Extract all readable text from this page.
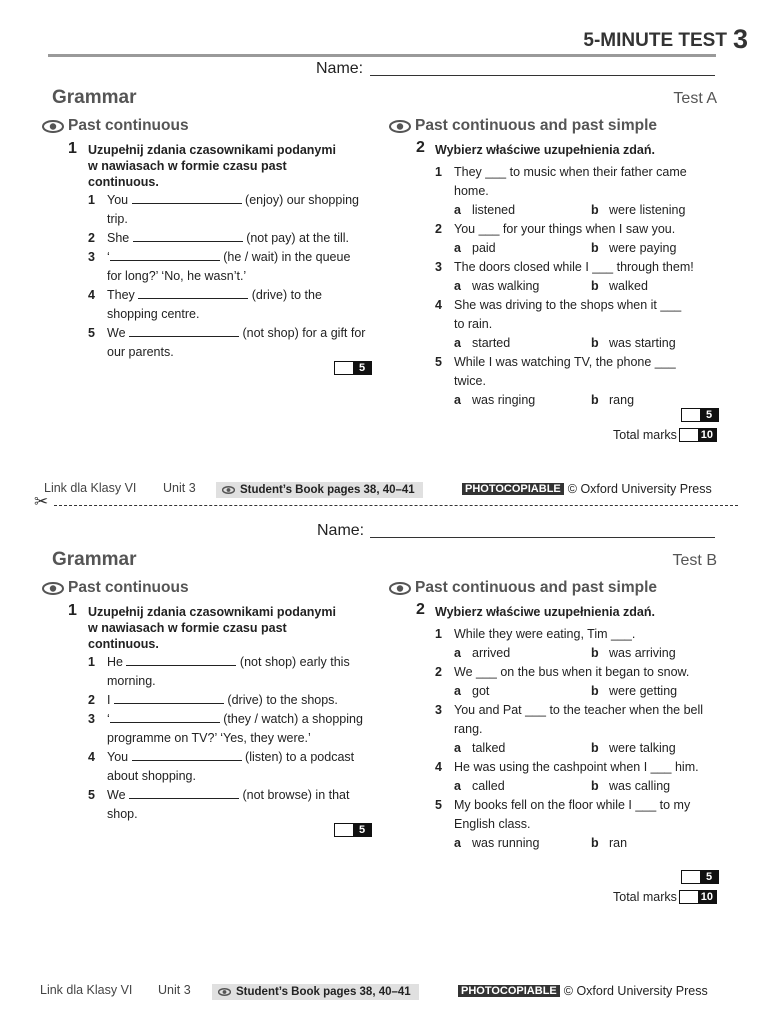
5-MINUTE TEST 3
✂
Name:
Grammar	Test A
Past continuous
1 Uzupełnij zdania czasownikami podanymi
w nawiasach w formie czasu past
continuous.
1 You	(enjoy) our shopping
trip.
2 She	(not pay) at the till.
3 ‘	(he / wait) in the queue
for long?’ ‘No, he wasn’t.’
4 They	(drive) to the
shopping centre.
5 We	(not shop) for a gift for
our parents.
5
Past continuous and past simple
2 Wybierz właściwe uzupełnienia zdań.
1 They ___ to music when their father came
home.
a listened	b were listening
2 You ___ for your things when I saw you.
a paid	b were paying
3 The doors closed while I ___ through them!
a was walking	b walked
4 She was driving to the shops when it ___
to rain.
a started	b was starting
5 While I was watching TV, the phone ___
twice.
a was ringing	b rang
5
Total marks 10
Link dla Klasy VI Unit 3	Student’s Book pages 38, 40–41	PHOTOCOPIABLE © Oxford University Press
Name:
Grammar	Test B
Past continuous
1 Uzupełnij zdania czasownikami podanymi
w nawiasach w formie czasu past
continuous.
1 He	(not shop) early this
morning.
2 I	(drive) to the shops.
3 ‘	(they / watch) a shopping
programme on TV?’ ‘Yes, they were.’
4 You	(listen) to a podcast
about shopping.
5 We	(not browse) in that
shop.
5
Past continuous and past simple
2 Wybierz właściwe uzupełnienia zdań.
1 While they were eating, Tim ___.
a arrived	b was arriving
2 We ___ on the bus when it began to snow.
a got	b were getting
3 You and Pat ___ to the teacher when the bell
rang.
a talked	b were talking
4 He was using the cashpoint when I ___ him.
a called	b was calling
5 My books fell on the floor while I ___ to my
English class.
a was running	b ran
5
Total marks 10
Link dla Klasy VI Unit 3	Student’s Book pages 38, 40–41	PHOTOCOPIABLE © Oxford University Press
